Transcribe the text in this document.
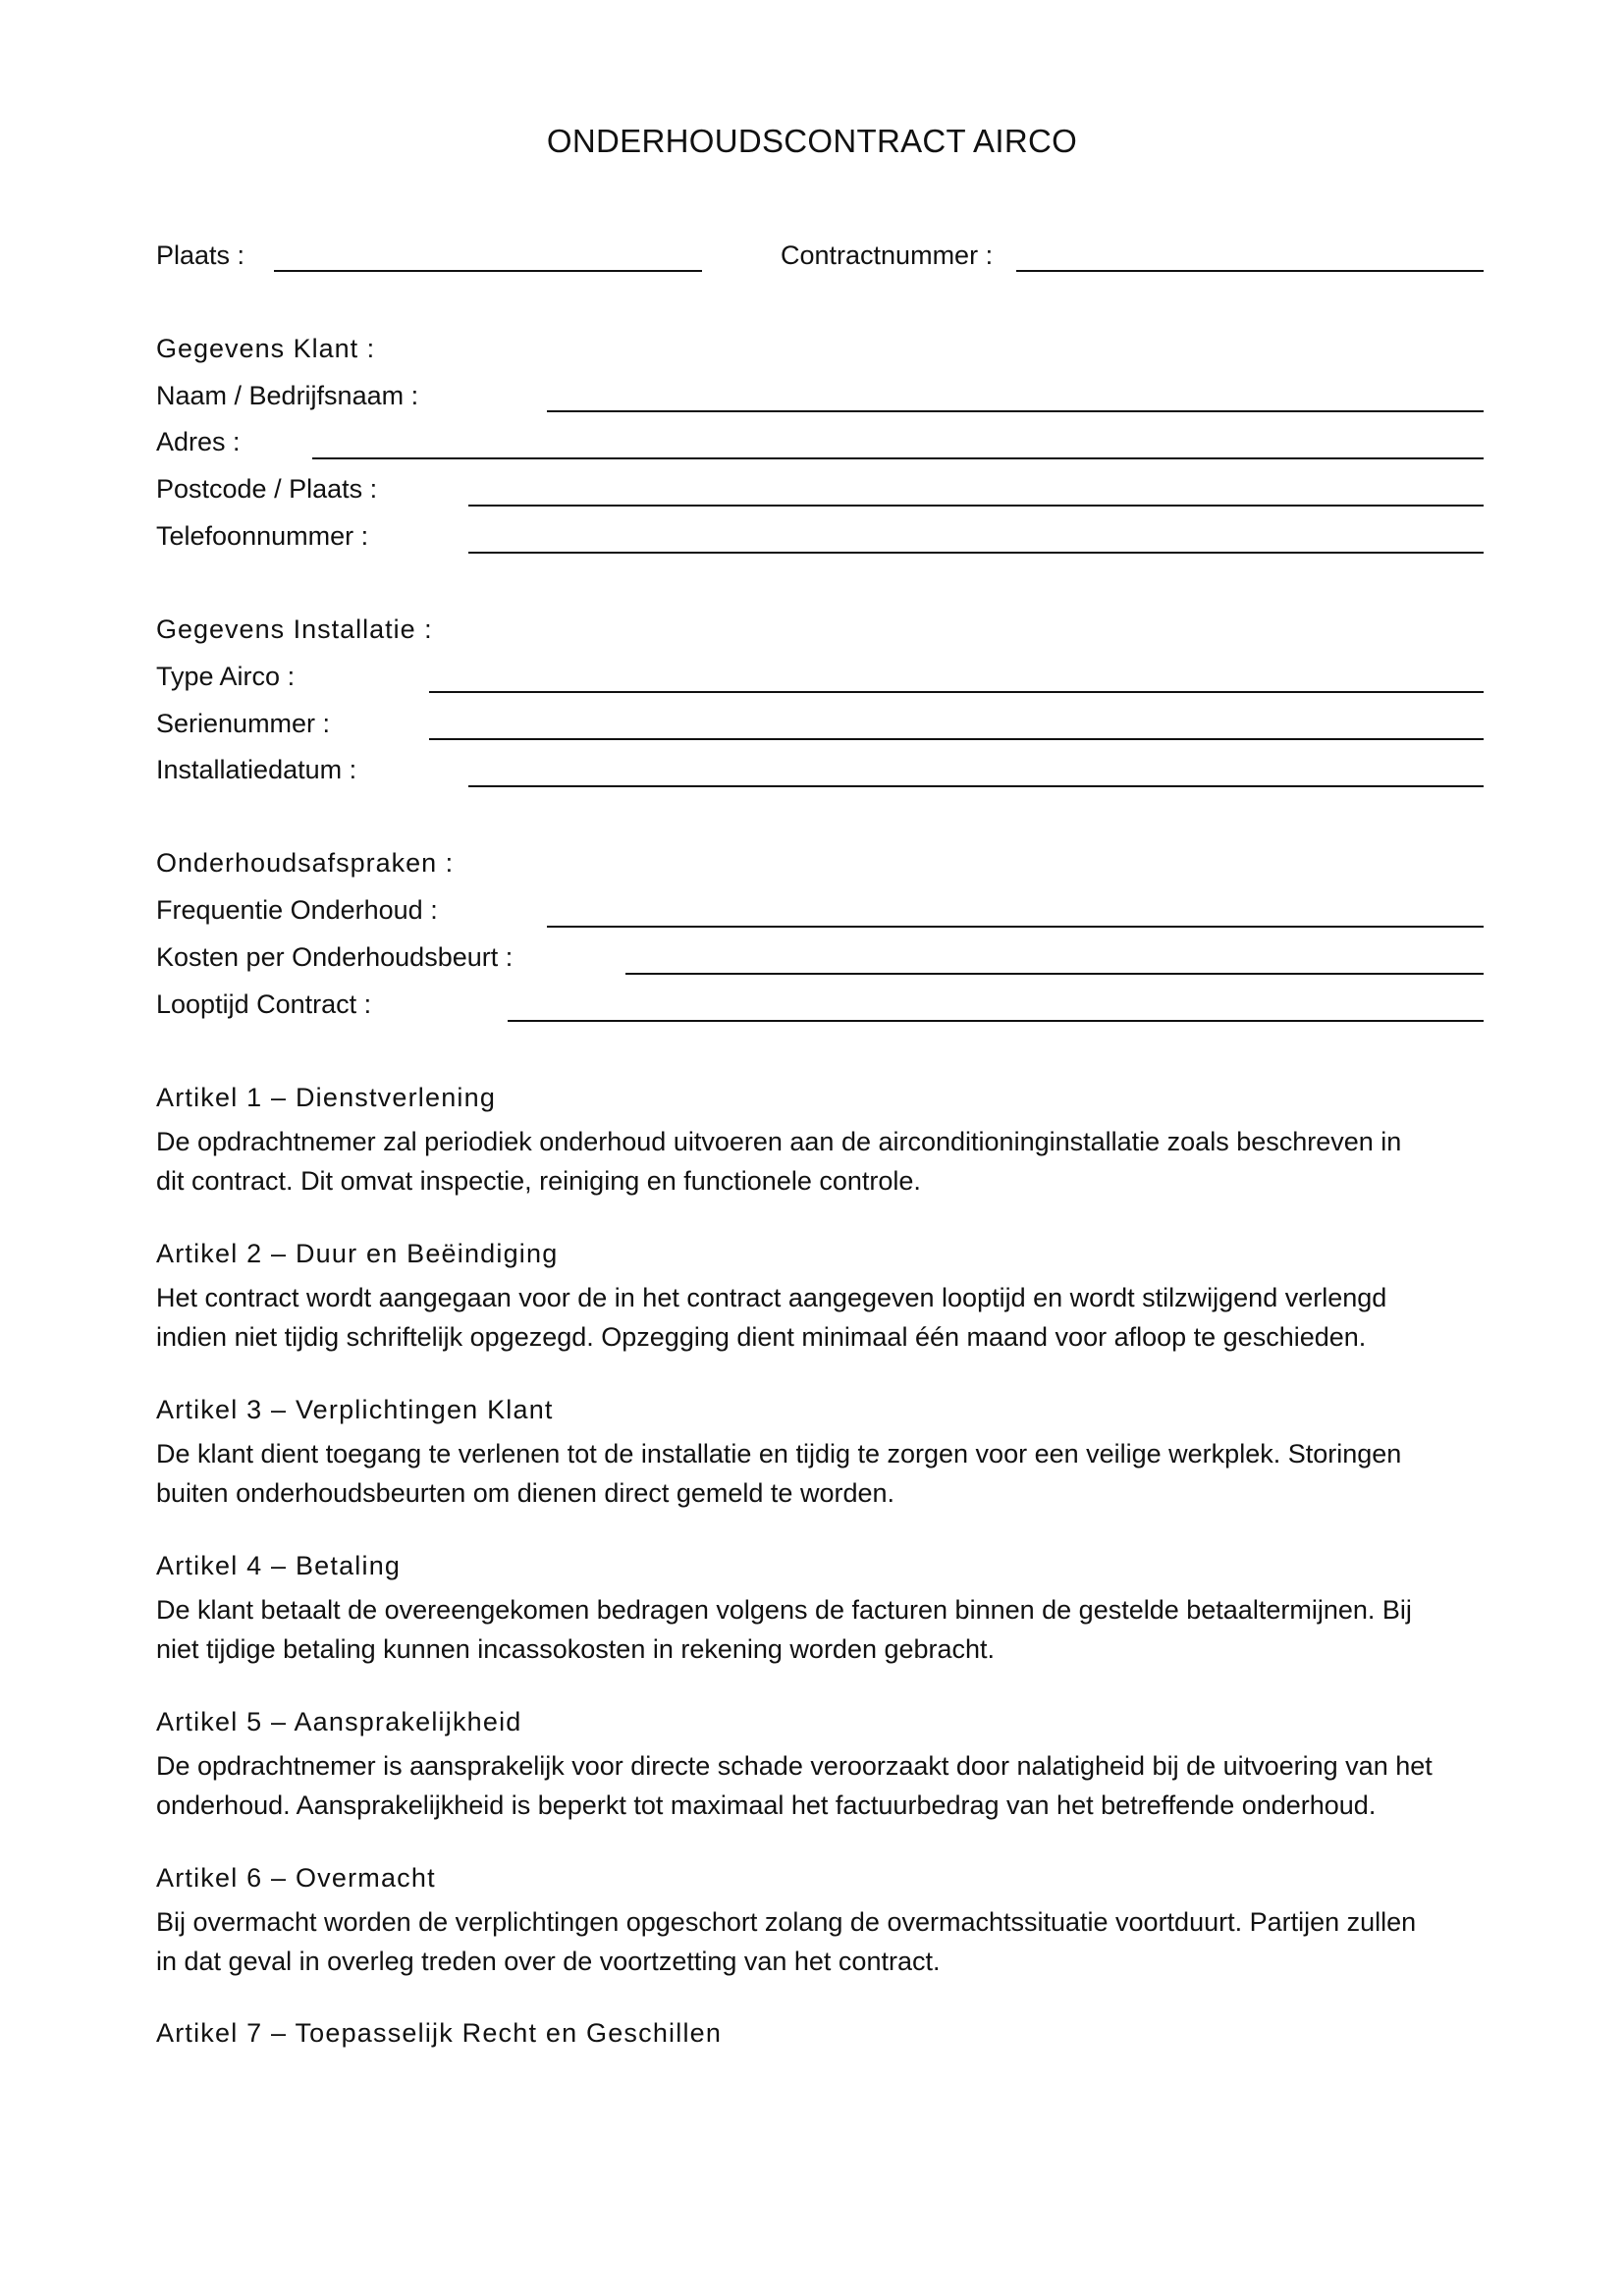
ONDERHOUDSCONTRACT AIRCO
Plaats :	Contractnummer :
Gegevens Klant :
Naam / Bedrijfsnaam :
Adres :
Postcode / Plaats :
Telefoonnummer :
Gegevens Installatie :
Type Airco :
Serienummer :
Installatiedatum :
Onderhoudsafspraken :
Frequentie Onderhoud :
Kosten per Onderhoudsbeurt :
Looptijd Contract :
Artikel 1 – Dienstverlening

De opdrachtnemer zal periodiek onderhoud uitvoeren aan de airconditioninginstallatie zoals beschreven in
dit contract. Dit omvat inspectie, reiniging en functionele controle.

Artikel 2 – Duur en Beëindiging

Het contract wordt aangegaan voor de in het contract aangegeven looptijd en wordt stilzwijgend verlengd
indien niet tijdig schriftelijk opgezegd. Opzegging dient minimaal één maand voor afloop te geschieden.

Artikel 3 – Verplichtingen Klant

De klant dient toegang te verlenen tot de installatie en tijdig te zorgen voor een veilige werkplek. Storingen
buiten onderhoudsbeurten om dienen direct gemeld te worden.

Artikel 4 – Betaling

De klant betaalt de overeengekomen bedragen volgens de facturen binnen de gestelde betaaltermijnen. Bij
niet tijdige betaling kunnen incassokosten in rekening worden gebracht.

Artikel 5 – Aansprakelijkheid

De opdrachtnemer is aansprakelijk voor directe schade veroorzaakt door nalatigheid bij de uitvoering van het
onderhoud. Aansprakelijkheid is beperkt tot maximaal het factuurbedrag van het betreffende onderhoud.

Artikel 6 – Overmacht

Bij overmacht worden de verplichtingen opgeschort zolang de overmachtssituatie voortduurt. Partijen zullen
in dat geval in overleg treden over de voortzetting van het contract.

Artikel 7 – Toepasselijk Recht en Geschillen
